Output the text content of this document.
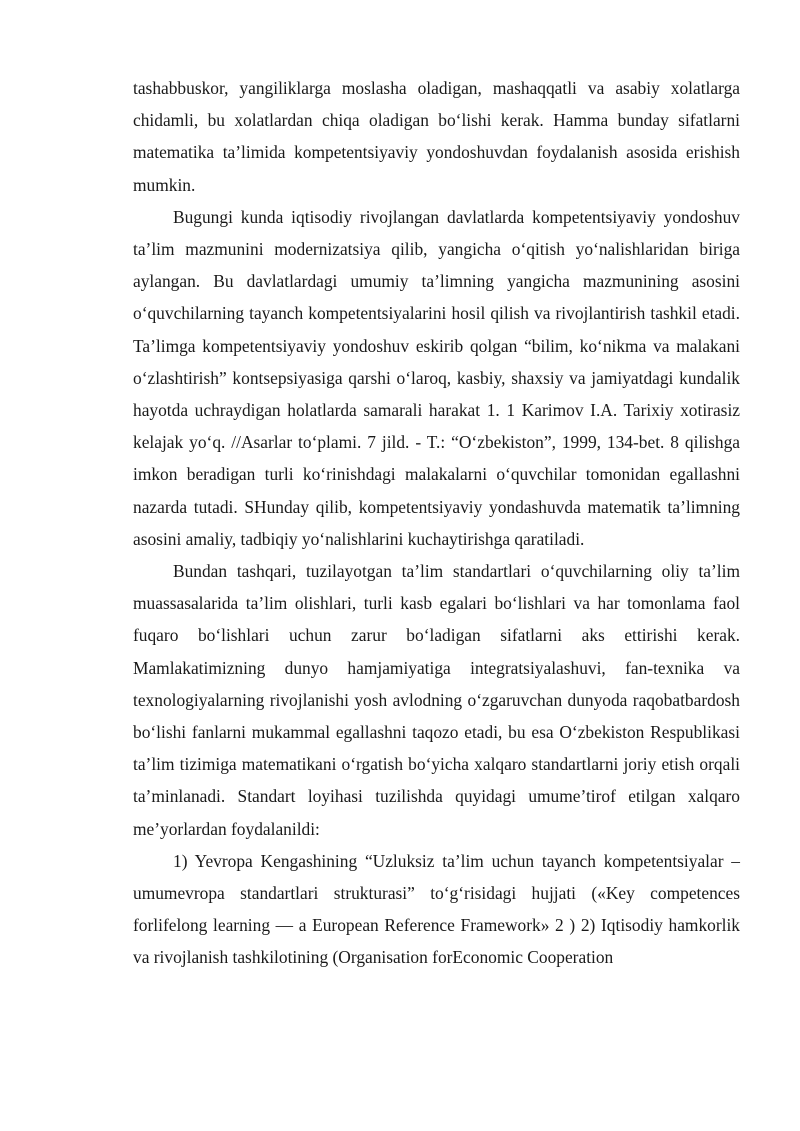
tashabbuskor, yangiliklarga moslasha oladigan, mashaqqatli va asabiy xolatlarga chidamli, bu xolatlardan chiqa oladigan bo‘lishi kerak. Hamma bunday sifatlarni matematika ta’limida kompetentsiyaviy yondoshuvdan foydalanish asosida erishish mumkin.

Bugungi kunda iqtisodiy rivojlangan davlatlarda kompetentsiyaviy yondoshuv ta’lim mazmunini modernizatsiya qilib, yangicha o‘qitish yo‘nalishlaridan biriga aylangan. Bu davlatlardagi umumiy ta’limning yangicha mazmunining asosini o‘quvchilarning tayanch kompetentsiyalarini hosil qilish va rivojlantirish tashkil etadi. Ta’limga kompetentsiyaviy yondoshuv eskirib qolgan “bilim, ko‘nikma va malakani o‘zlashtirish” kontsepsiyasiga qarshi o‘laroq, kasbiy, shaxsiy va jamiyatdagi kundalik hayotda uchraydigan holatlarda samarali harakat 1. 1 Karimov I.A. Tarixiy xotirasiz kelajak yo‘q. //Asarlar to‘plami. 7 jild. - T.: “O‘zbekiston”, 1999, 134-bet. 8 qilishga imkon beradigan turli ko‘rinishdagi malakalarni o‘quvchilar tomonidan egallashni nazarda tutadi. SHunday qilib, kompetentsiyaviy yondashuvda matematik ta’limning asosini amaliy, tadbiqiy yo‘nalishlarini kuchaytirishga qaratiladi.

Bundan tashqari, tuzilayotgan ta’lim standartlari o‘quvchilarning oliy ta’lim muassasalarida ta’lim olishlari, turli kasb egalari bo‘lishlari va har tomonlama faol fuqaro bo‘lishlari uchun zarur bo‘ladigan sifatlarni aks ettirishi kerak. Mamlakatimizning dunyo hamjamiyatiga integratsiyalashuvi, fan-texnika va texnologiyalarning rivojlanishi yosh avlodning o‘zgaruvchan dunyoda raqobatbardosh bo‘lishi fanlarni mukammal egallashni taqozo etadi, bu esa O‘zbekiston Respublikasi ta’lim tizimiga matematikani o‘rgatish bo‘yicha xalqaro standartlarni joriy etish orqali ta’minlanadi. Standart loyihasi tuzilishda quyidagi umume’tirof etilgan xalqaro me’yorlardan foydalanildi:

1) Yevropa Kengashining “Uzluksiz ta’lim uchun tayanch kompetentsiyalar – umumevropa standartlari strukturasi” to‘g‘risidagi hujjati («Key competences forlifelong learning — a European Reference Framework» 2 ) 2) Iqtisodiy hamkorlik va rivojlanish tashkilotining (Organisation forEconomic Cooperation
